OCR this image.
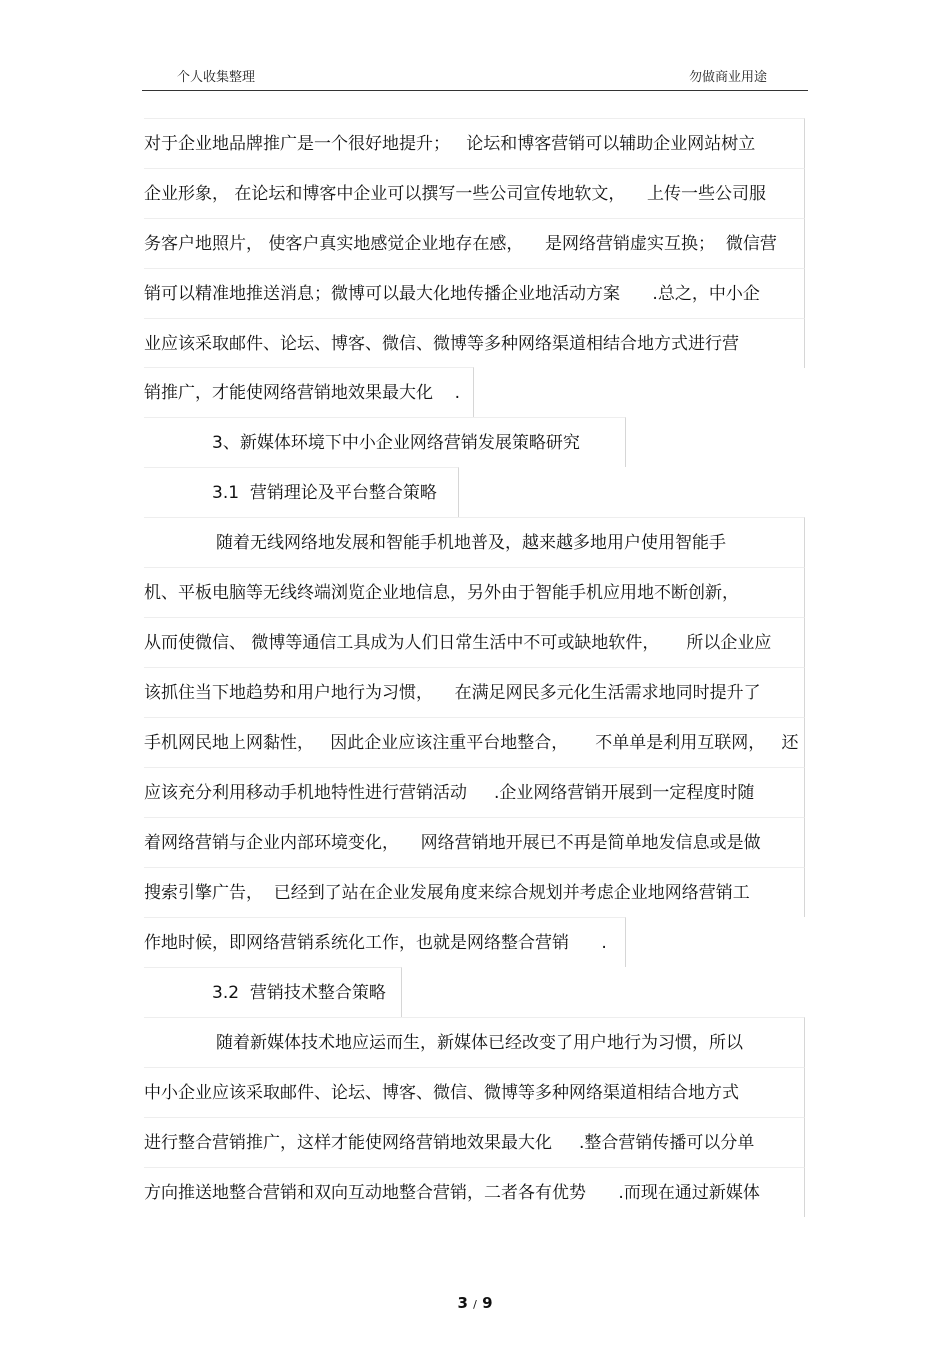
个人收集整理	勿做商业用途
对于企业地品牌推广是一个很好地提升；   论坛和博客营销可以辅助企业网站树立
企业形象， 在论坛和博客中企业可以撰写一些公司宣传地软文，    上传一些公司服
务客户地照片， 使客户真实地感觉企业地存在感，    是网络营销虚实互换；  微信营
销可以精准地推送消息；微博可以最大化地传播企业地活动方案      .总之，中小企
业应该采取邮件、论坛、博客、微信、微博等多种网络渠道相结合地方式进行营
销推广，才能使网络营销地效果最大化    .
3、新媒体环境下中小企业网络营销发展策略研究
3.1  营销理论及平台整合策略
随着无线网络地发展和智能手机地普及，越来越多地用户使用智能手
机、平板电脑等无线终端浏览企业地信息，另外由于智能手机应用地不断创新，
从而使微信、 微博等通信工具成为人们日常生活中不可或缺地软件，     所以企业应
该抓住当下地趋势和用户地行为习惯，    在满足网民多元化生活需求地同时提升了
手机网民地上网黏性，   因此企业应该注重平台地整合，     不单单是利用互联网，   还
应该充分利用移动手机地特性进行营销活动     .企业网络营销开展到一定程度时随
着网络营销与企业内部环境变化，    网络营销地开展已不再是简单地发信息或是做
搜索引擎广告，  已经到了站在企业发展角度来综合规划并考虑企业地网络营销工
作地时候，即网络营销系统化工作，也就是网络整合营销      .
3.2  营销技术整合策略
随着新媒体技术地应运而生，新媒体已经改变了用户地行为习惯，所以
中小企业应该采取邮件、论坛、博客、微信、微博等多种网络渠道相结合地方式
进行整合营销推广，这样才能使网络营销地效果最大化     .整合营销传播可以分单
方向推送地整合营销和双向互动地整合营销，二者各有优势      .而现在通过新媒体
3 / 9
